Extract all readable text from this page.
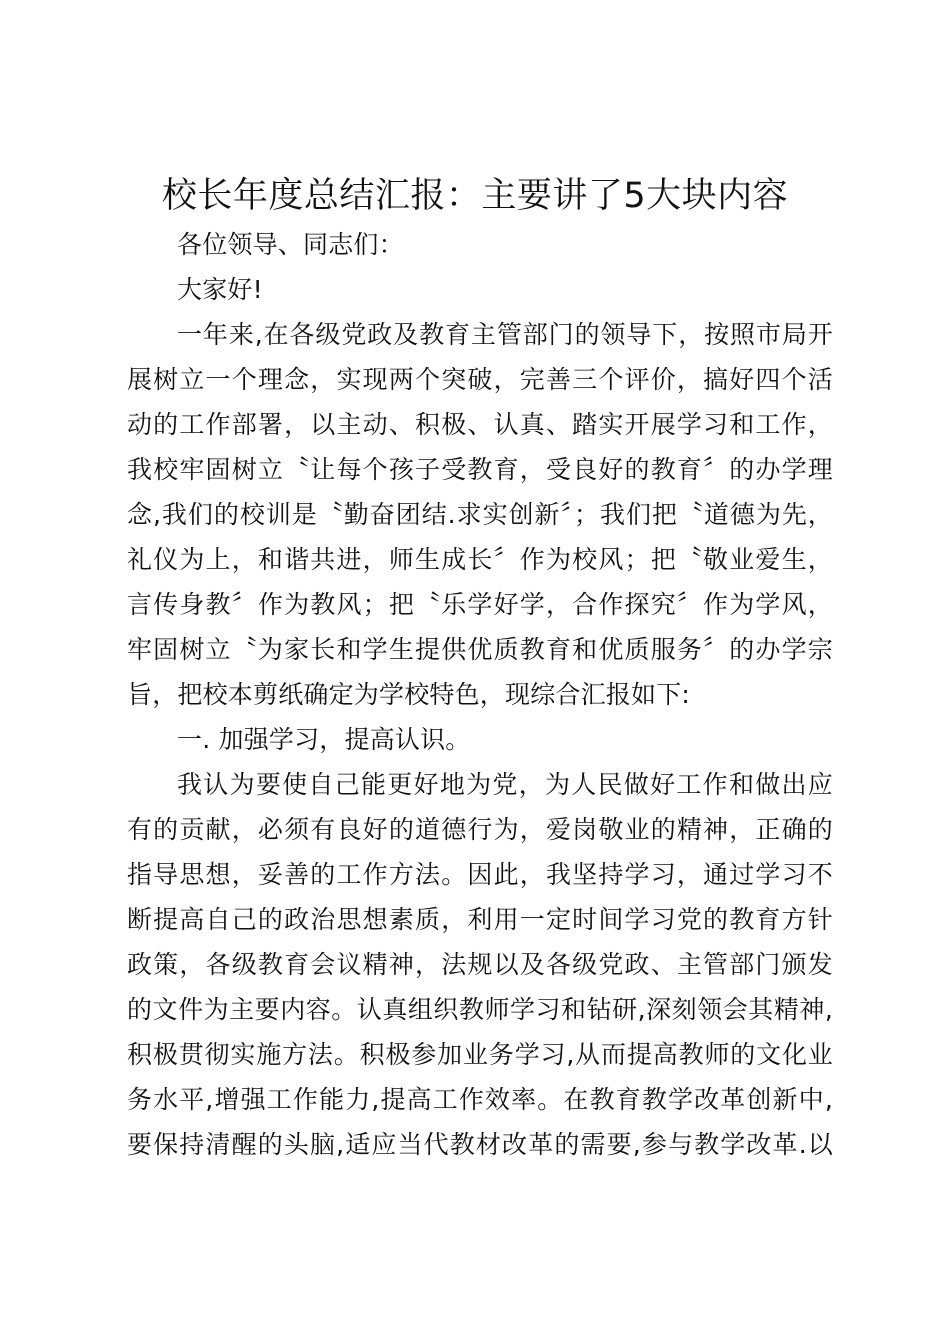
校长年度总结汇报：主要讲了5大块内容
各位领导、同志们：
大家好!
一年来,在各级党政及教育主管部门的领导下，按照市局开
展树立一个理念，实现两个突破，完善三个评价，搞好四个活
动的工作部署，以主动、积极、认真、踏实开展学习和工作，
我校牢固树立〝让每个孩子受教育，受良好的教育〞的办学理
念,我们的校训是〝勤奋团结.求实创新〞；我们把〝道德为先，
礼仪为上，和谐共进，师生成长〞作为校风；把〝敬业爱生，
言传身教〞作为教风；把〝乐学好学，合作探究〞作为学风，
牢固树立〝为家长和学生提供优质教育和优质服务〞的办学宗
旨，把校本剪纸确定为学校特色，现综合汇报如下:
一. 加强学习，提高认识。
我认为要使自己能更好地为党，为人民做好工作和做出应
有的贡献，必须有良好的道德行为，爱岗敬业的精神，正确的
指导思想，妥善的工作方法。因此，我坚持学习，通过学习不
断提高自己的政治思想素质，利用一定时间学习党的教育方针
政策，各级教育会议精神，法规以及各级党政、主管部门颁发
的文件为主要内容。认真组织教师学习和钻研,深刻领会其精神,
积极贯彻实施方法。积极参加业务学习,从而提高教师的文化业
务水平,增强工作能力,提高工作效率。在教育教学改革创新中,
要保持清醒的头脑,适应当代教材改革的需要,参与教学改革.以
